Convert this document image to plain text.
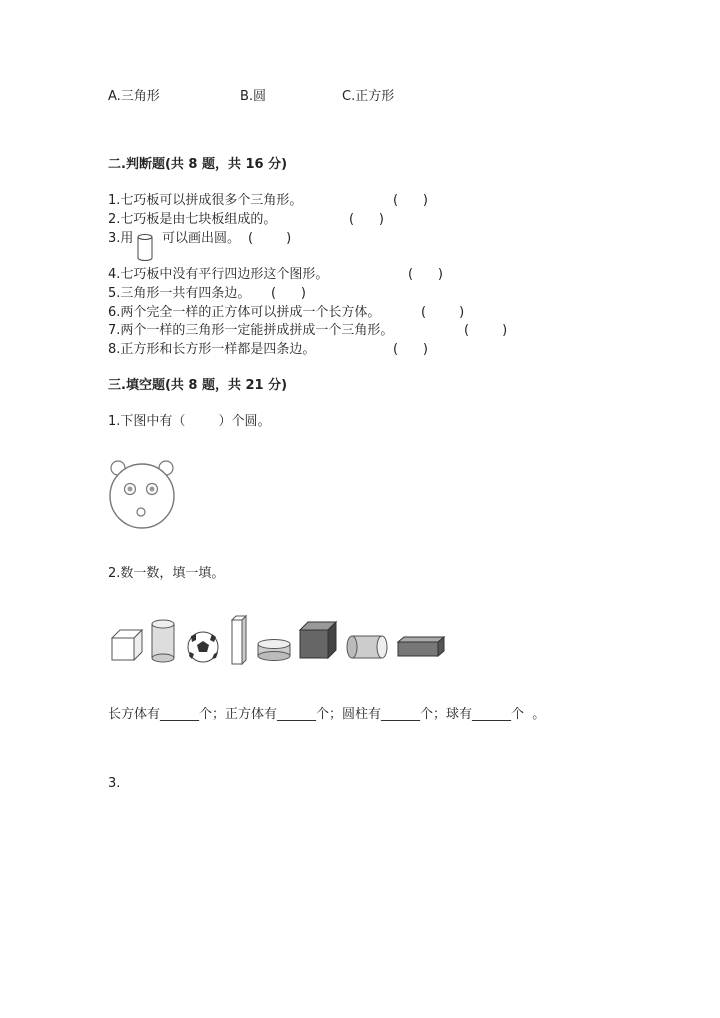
A.三角形	B.圆	C.正方形
二.判断题(共 8 题，共 16 分)
1.七巧板可以拼成很多个三角形。	(      )
2.七巧板是由七块板组成的。	(      )
3.用 可以画出圆。 (        )
4.七巧板中没有平行四边形这个图形。	(      )
5.三角形一共有四条边。 (      )
6.两个完全一样的正方体可以拼成一个长方体。	(        )
7.两个一样的三角形一定能拼成拼成一个三角形。	(        )
8.正方形和长方形一样都是四条边。	(      )
三.填空题(共 8 题，共 21 分)
1.下图中有（        ）个圆。
2.数一数，填一填。
长方体有______个；正方体有______个；圆柱有______个；球有______个  。
3.
